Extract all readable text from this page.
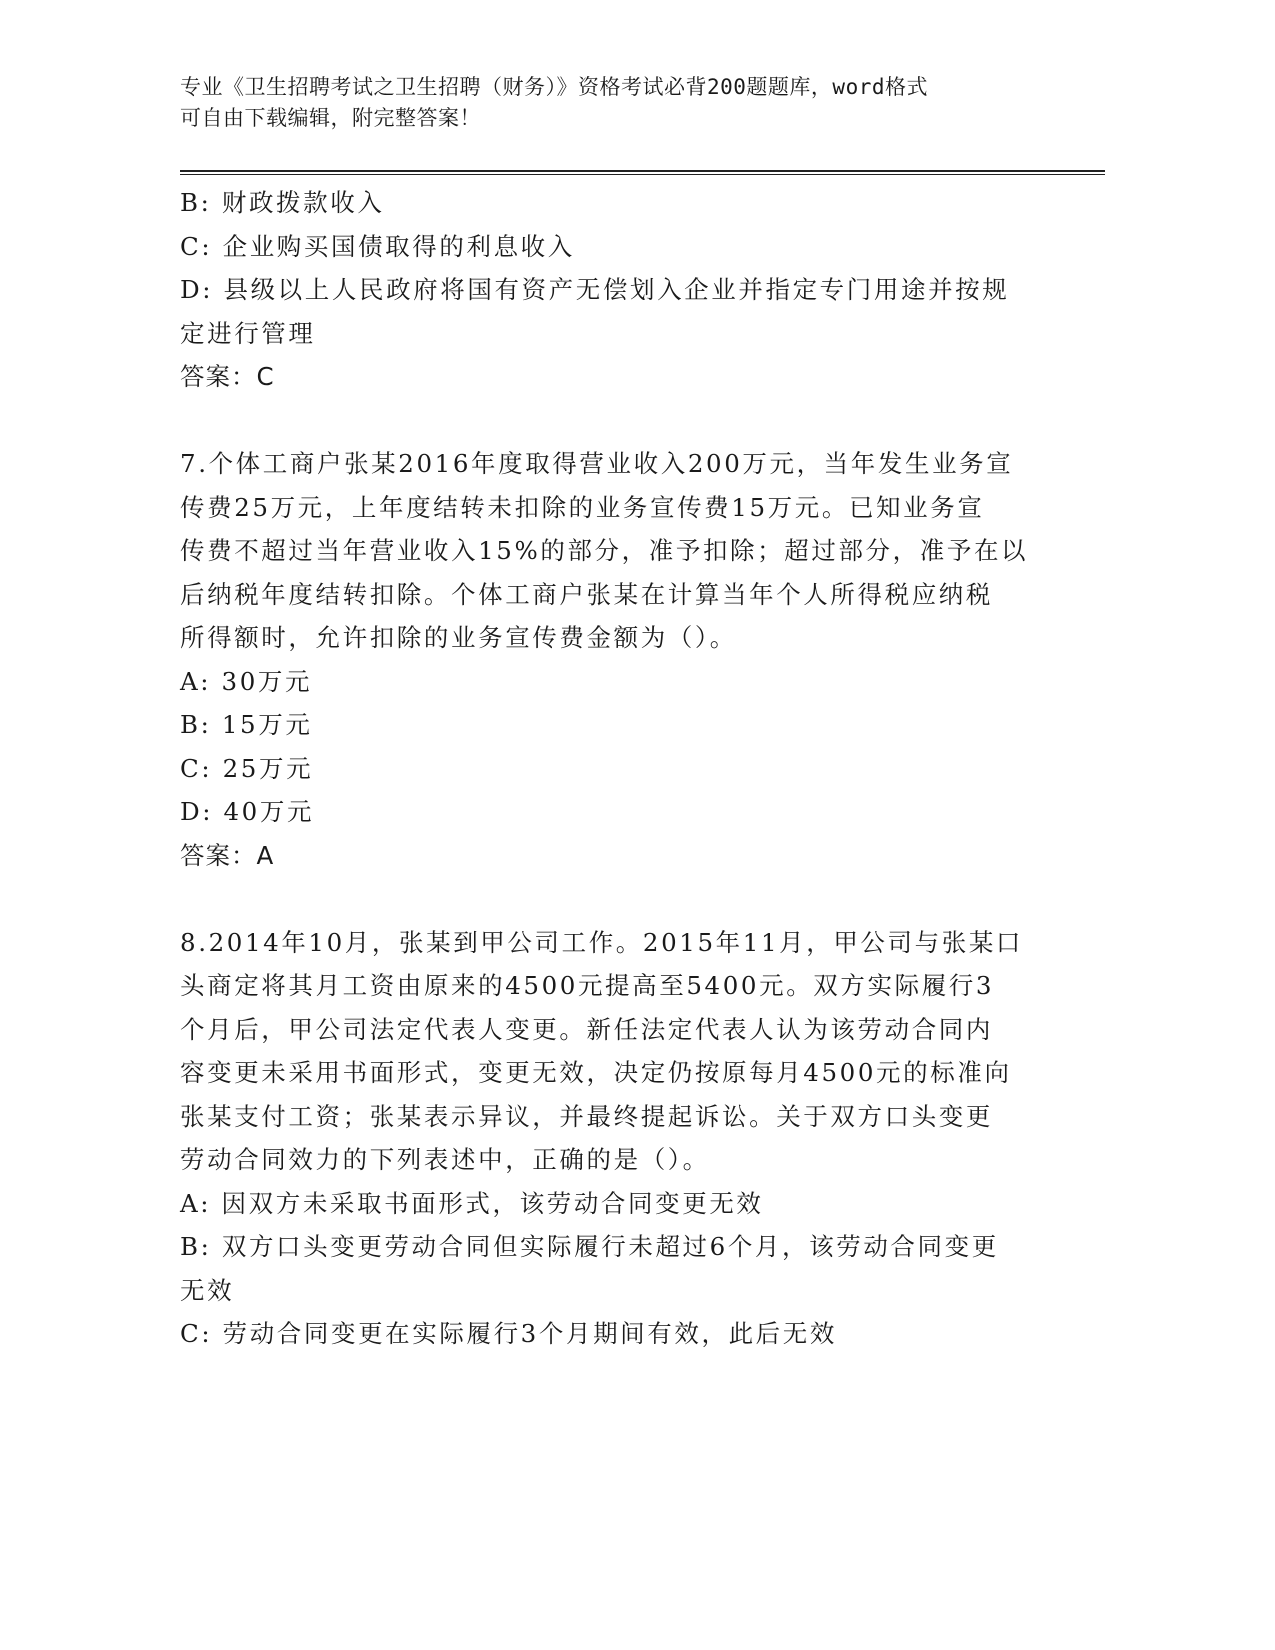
专业《卫生招聘考试之卫生招聘（财务）》资格考试必背200题题库，word格式
可自由下载编辑，附完整答案！
B: 财政拨款收入
C: 企业购买国债取得的利息收入
D: 县级以上人民政府将国有资产无偿划入企业并指定专门用途并按规
定进行管理
答案：C
7.个体工商户张某2016年度取得营业收入200万元，当年发生业务宣
传费25万元，上年度结转未扣除的业务宣传费15万元。已知业务宣
传费不超过当年营业收入15%的部分，准予扣除；超过部分，准予在以
后纳税年度结转扣除。个体工商户张某在计算当年个人所得税应纳税
所得额时，允许扣除的业务宣传费金额为（）。
A: 30万元
B: 15万元
C: 25万元
D: 40万元
答案：A
8.2014年10月，张某到甲公司工作。2015年11月，甲公司与张某口
头商定将其月工资由原来的4500元提高至5400元。双方实际履行3
个月后，甲公司法定代表人变更。新任法定代表人认为该劳动合同内
容变更未采用书面形式，变更无效，决定仍按原每月4500元的标准向
张某支付工资；张某表示异议，并最终提起诉讼。关于双方口头变更
劳动合同效力的下列表述中，正确的是（）。
A: 因双方未采取书面形式，该劳动合同变更无效
B: 双方口头变更劳动合同但实际履行未超过6个月，该劳动合同变更
无效
C: 劳动合同变更在实际履行3个月期间有效，此后无效
